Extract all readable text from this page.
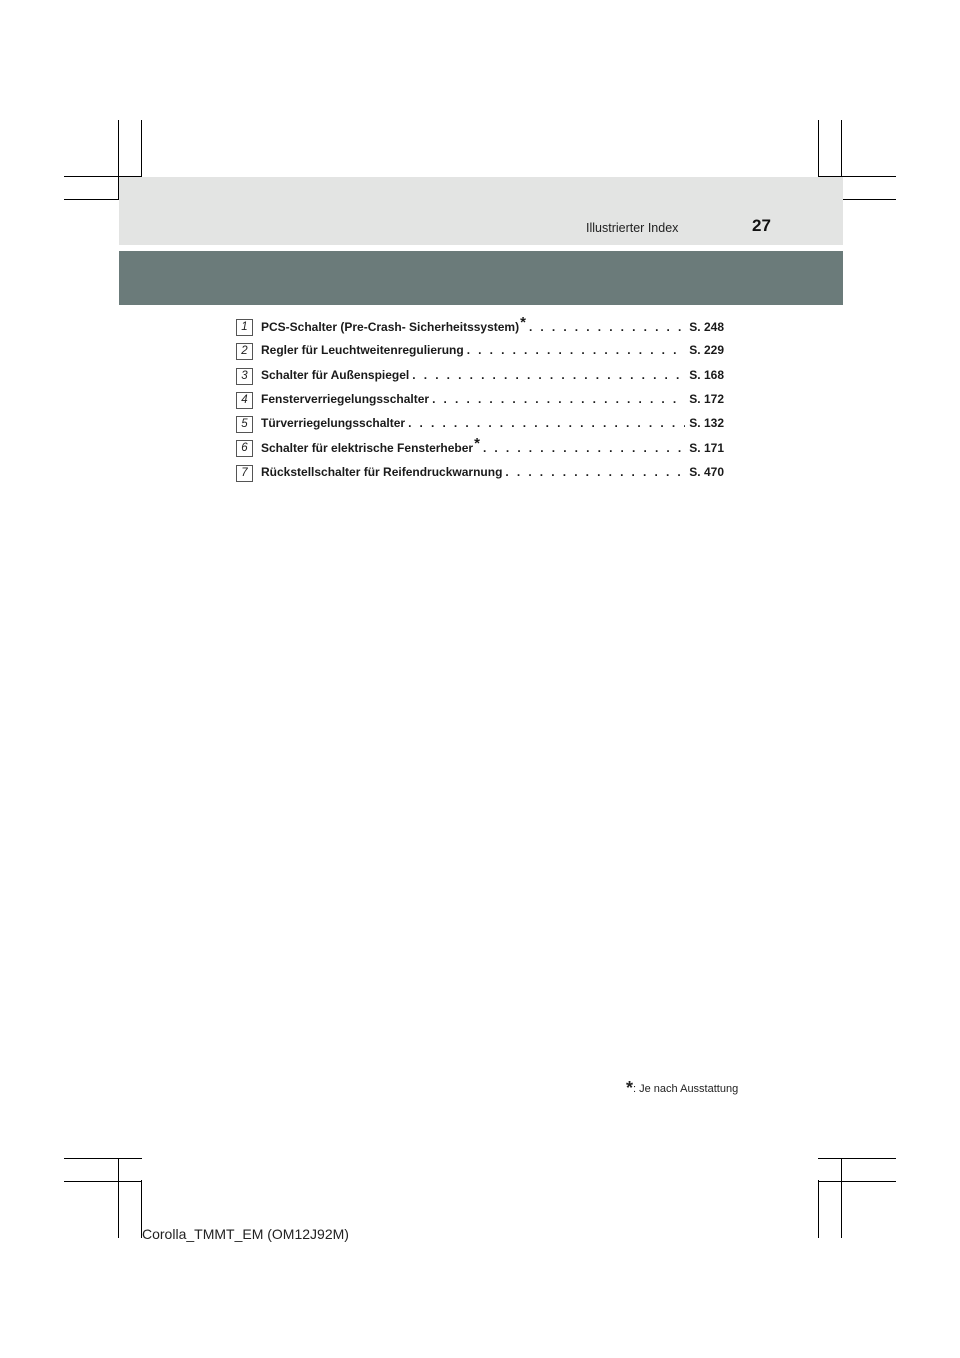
Illustrierter Index	27
1	PCS-Schalter (Pre-Crash- Sicherheitssystem) * . . .	S. 248
2	Regler für Leuchtweitenregulierung . . .	S. 229
3	Schalter für Außenspiegel . . .	S. 168
4	Fensterverriegelungsschalter . . .	S. 172
5	Türverriegelungsschalter . . .	S. 132
6	Schalter für elektrische Fensterheber * . . .	S. 171
7	Rückstellschalter für Reifendruckwarnung . . .	S. 470
*: Je nach Ausstattung
Corolla_TMMT_EM (OM12J92M)
